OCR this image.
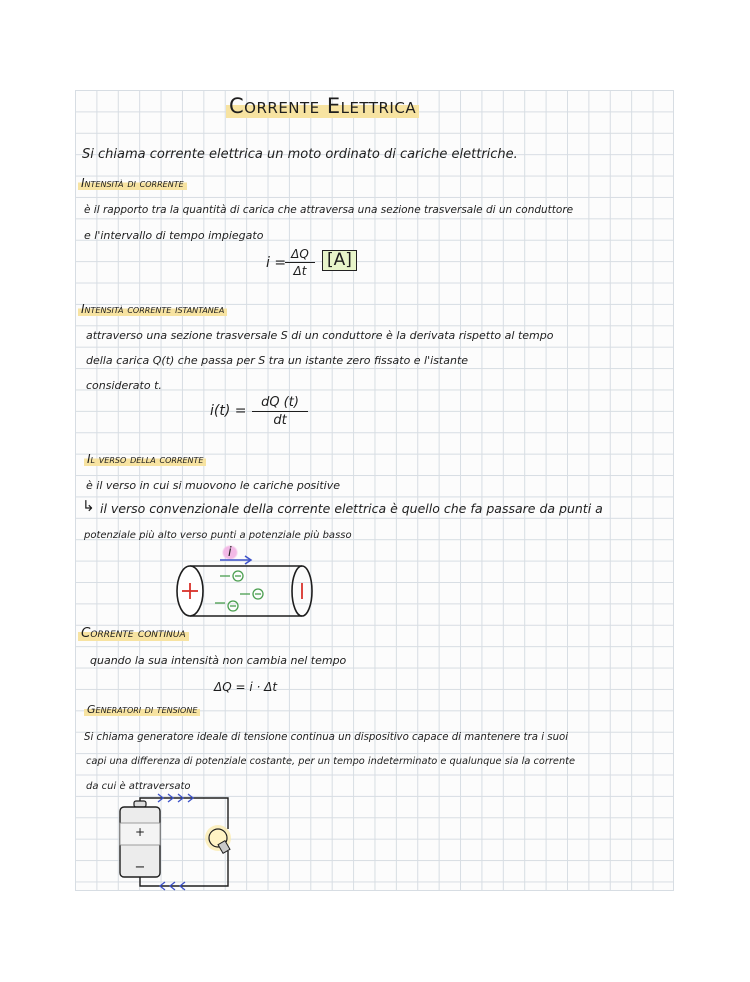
Corrente Elettrica
Si chiama corrente elettrica un moto ordinato di cariche elettriche.
Intensità di corrente
è il rapporto tra la quantità di carica che attraversa una sezione trasversale di un conduttore
e l'intervallo di tempo impiegato
i =
ΔQ
Δt
[A]
Intensità corrente istantanea
attraverso una sezione trasversale S di un conduttore è la derivata rispetto al tempo
della carica Q(t) che passa per S tra un istante zero fissato e l'istante
considerato t.
i(t) =
dQ (t)
dt
Il verso della corrente
è il verso in cui si muovono le cariche positive
↳ il verso convenzionale della corrente elettrica è quello che fa passare da punti a
potenziale più alto verso punti a potenziale più basso
i
Corrente continua
quando la sua intensità non cambia nel tempo
ΔQ = i · Δt
Generatori di tensione
Si chiama generatore ideale di tensione continua un dispositivo capace di mantenere tra i suoi
capi una differenza di potenziale costante, per un tempo indeterminato e qualunque sia la corrente
da cui è attraversato
+
−
